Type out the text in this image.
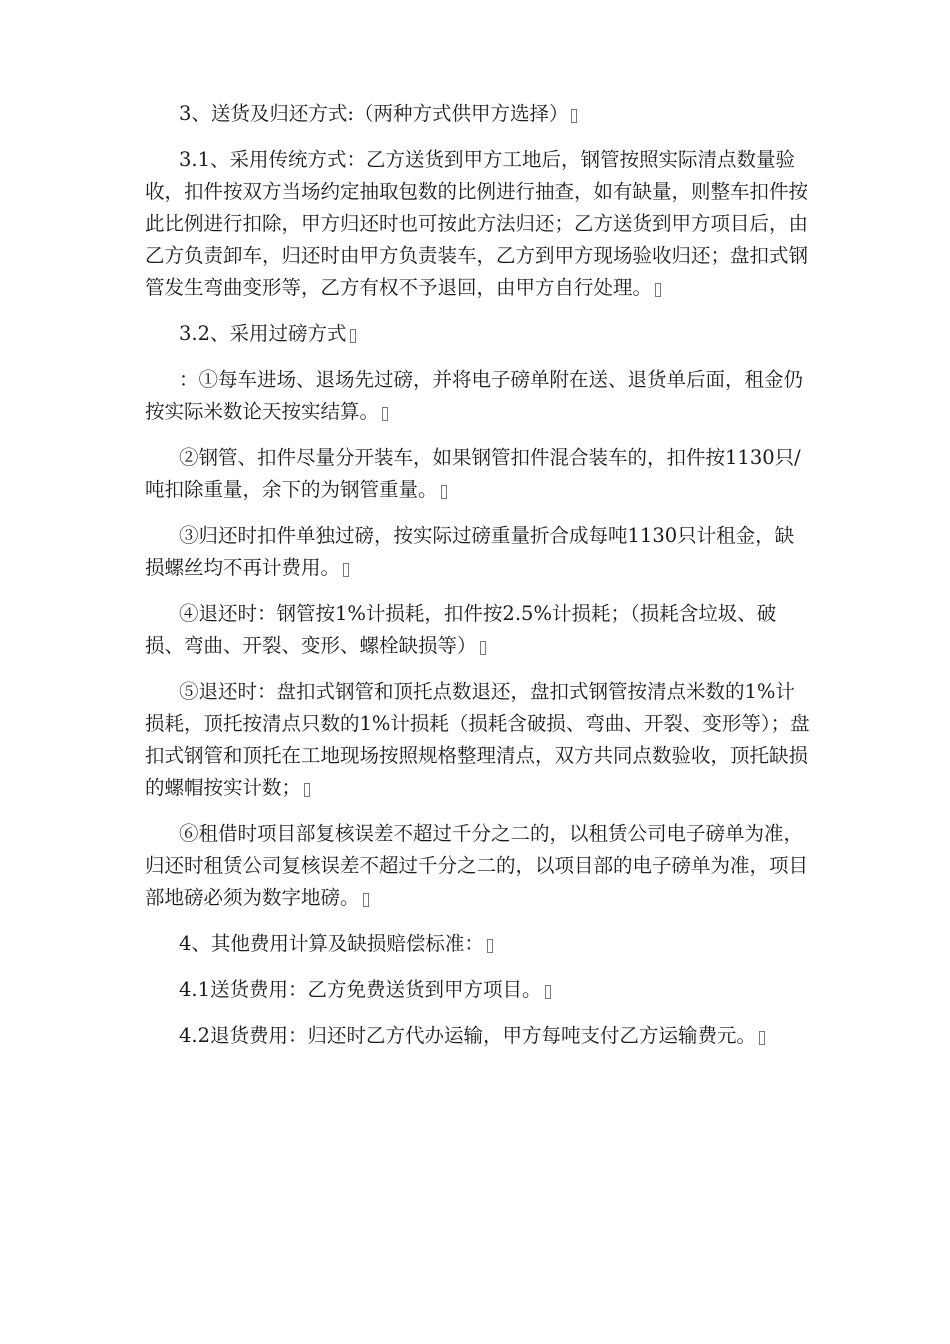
3、送货及归还方式:（两种方式供甲方选择）

3.1、采用传统方式：乙方送货到甲方工地后，钢管按照实际清点数量验收，扣件按双方当场约定抽取包数的比例进行抽查，如有缺量，则整车扣件按此比例进行扣除，甲方归还时也可按此方法归还；乙方送货到甲方项目后，由乙方负责卸车，归还时由甲方负责装车，乙方到甲方现场验收归还；盘扣式钢管发生弯曲变形等，乙方有权不予退回，由甲方自行处理。

3.2、采用过磅方式

：①每车进场、退场先过磅，并将电子磅单附在送、退货单后面，租金仍按实际米数论天按实结算。

②钢管、扣件尽量分开装车，如果钢管扣件混合装车的，扣件按1130只/吨扣除重量，余下的为钢管重量。

③归还时扣件单独过磅，按实际过磅重量折合成每吨1130只计租金，缺损螺丝均不再计费用。

④退还时：钢管按1%计损耗，扣件按2.5%计损耗；（损耗含垃圾、破损、弯曲、开裂、变形、螺栓缺损等）

⑤退还时：盘扣式钢管和顶托点数退还，盘扣式钢管按清点米数的1%计损耗，顶托按清点只数的1%计损耗（损耗含破损、弯曲、开裂、变形等）；盘扣式钢管和顶托在工地现场按照规格整理清点，双方共同点数验收，顶托缺损的螺帽按实计数；

⑥租借时项目部复核误差不超过千分之二的，以租赁公司电子磅单为准，归还时租赁公司复核误差不超过千分之二的，以项目部的电子磅单为准，项目部地磅必须为数字地磅。

4、其他费用计算及缺损赔偿标准：

4.1送货费用：乙方免费送货到甲方项目。

4.2退货费用：归还时乙方代办运输，甲方每吨支付乙方运输费元。
